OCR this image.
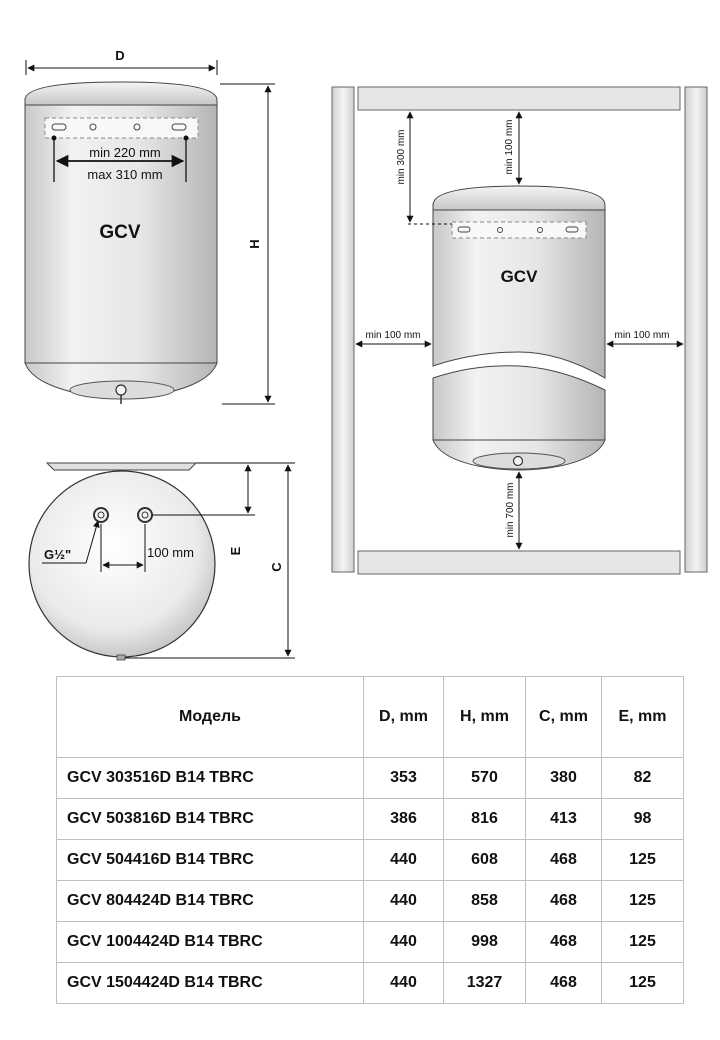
D
min 220 mm
max 310 mm
GCV
H
G½"	100 mm	E
C
GCV
min 300 mm	min 100 mm
min 100 mm	min 100 mm
min 700 mm
Модель	D, mm	H, mm	C, mm	E, mm
GCV 303516D B14 TBRC	353	570	380	82
GCV 503816D B14 TBRC	386	816	413	98
GCV 504416D B14 TBRC	440	608	468	125
GCV 804424D B14 TBRC	440	858	468	125
GCV 1004424D B14 TBRC	440	998	468	125
GCV 1504424D B14 TBRC	440	1327	468	125
